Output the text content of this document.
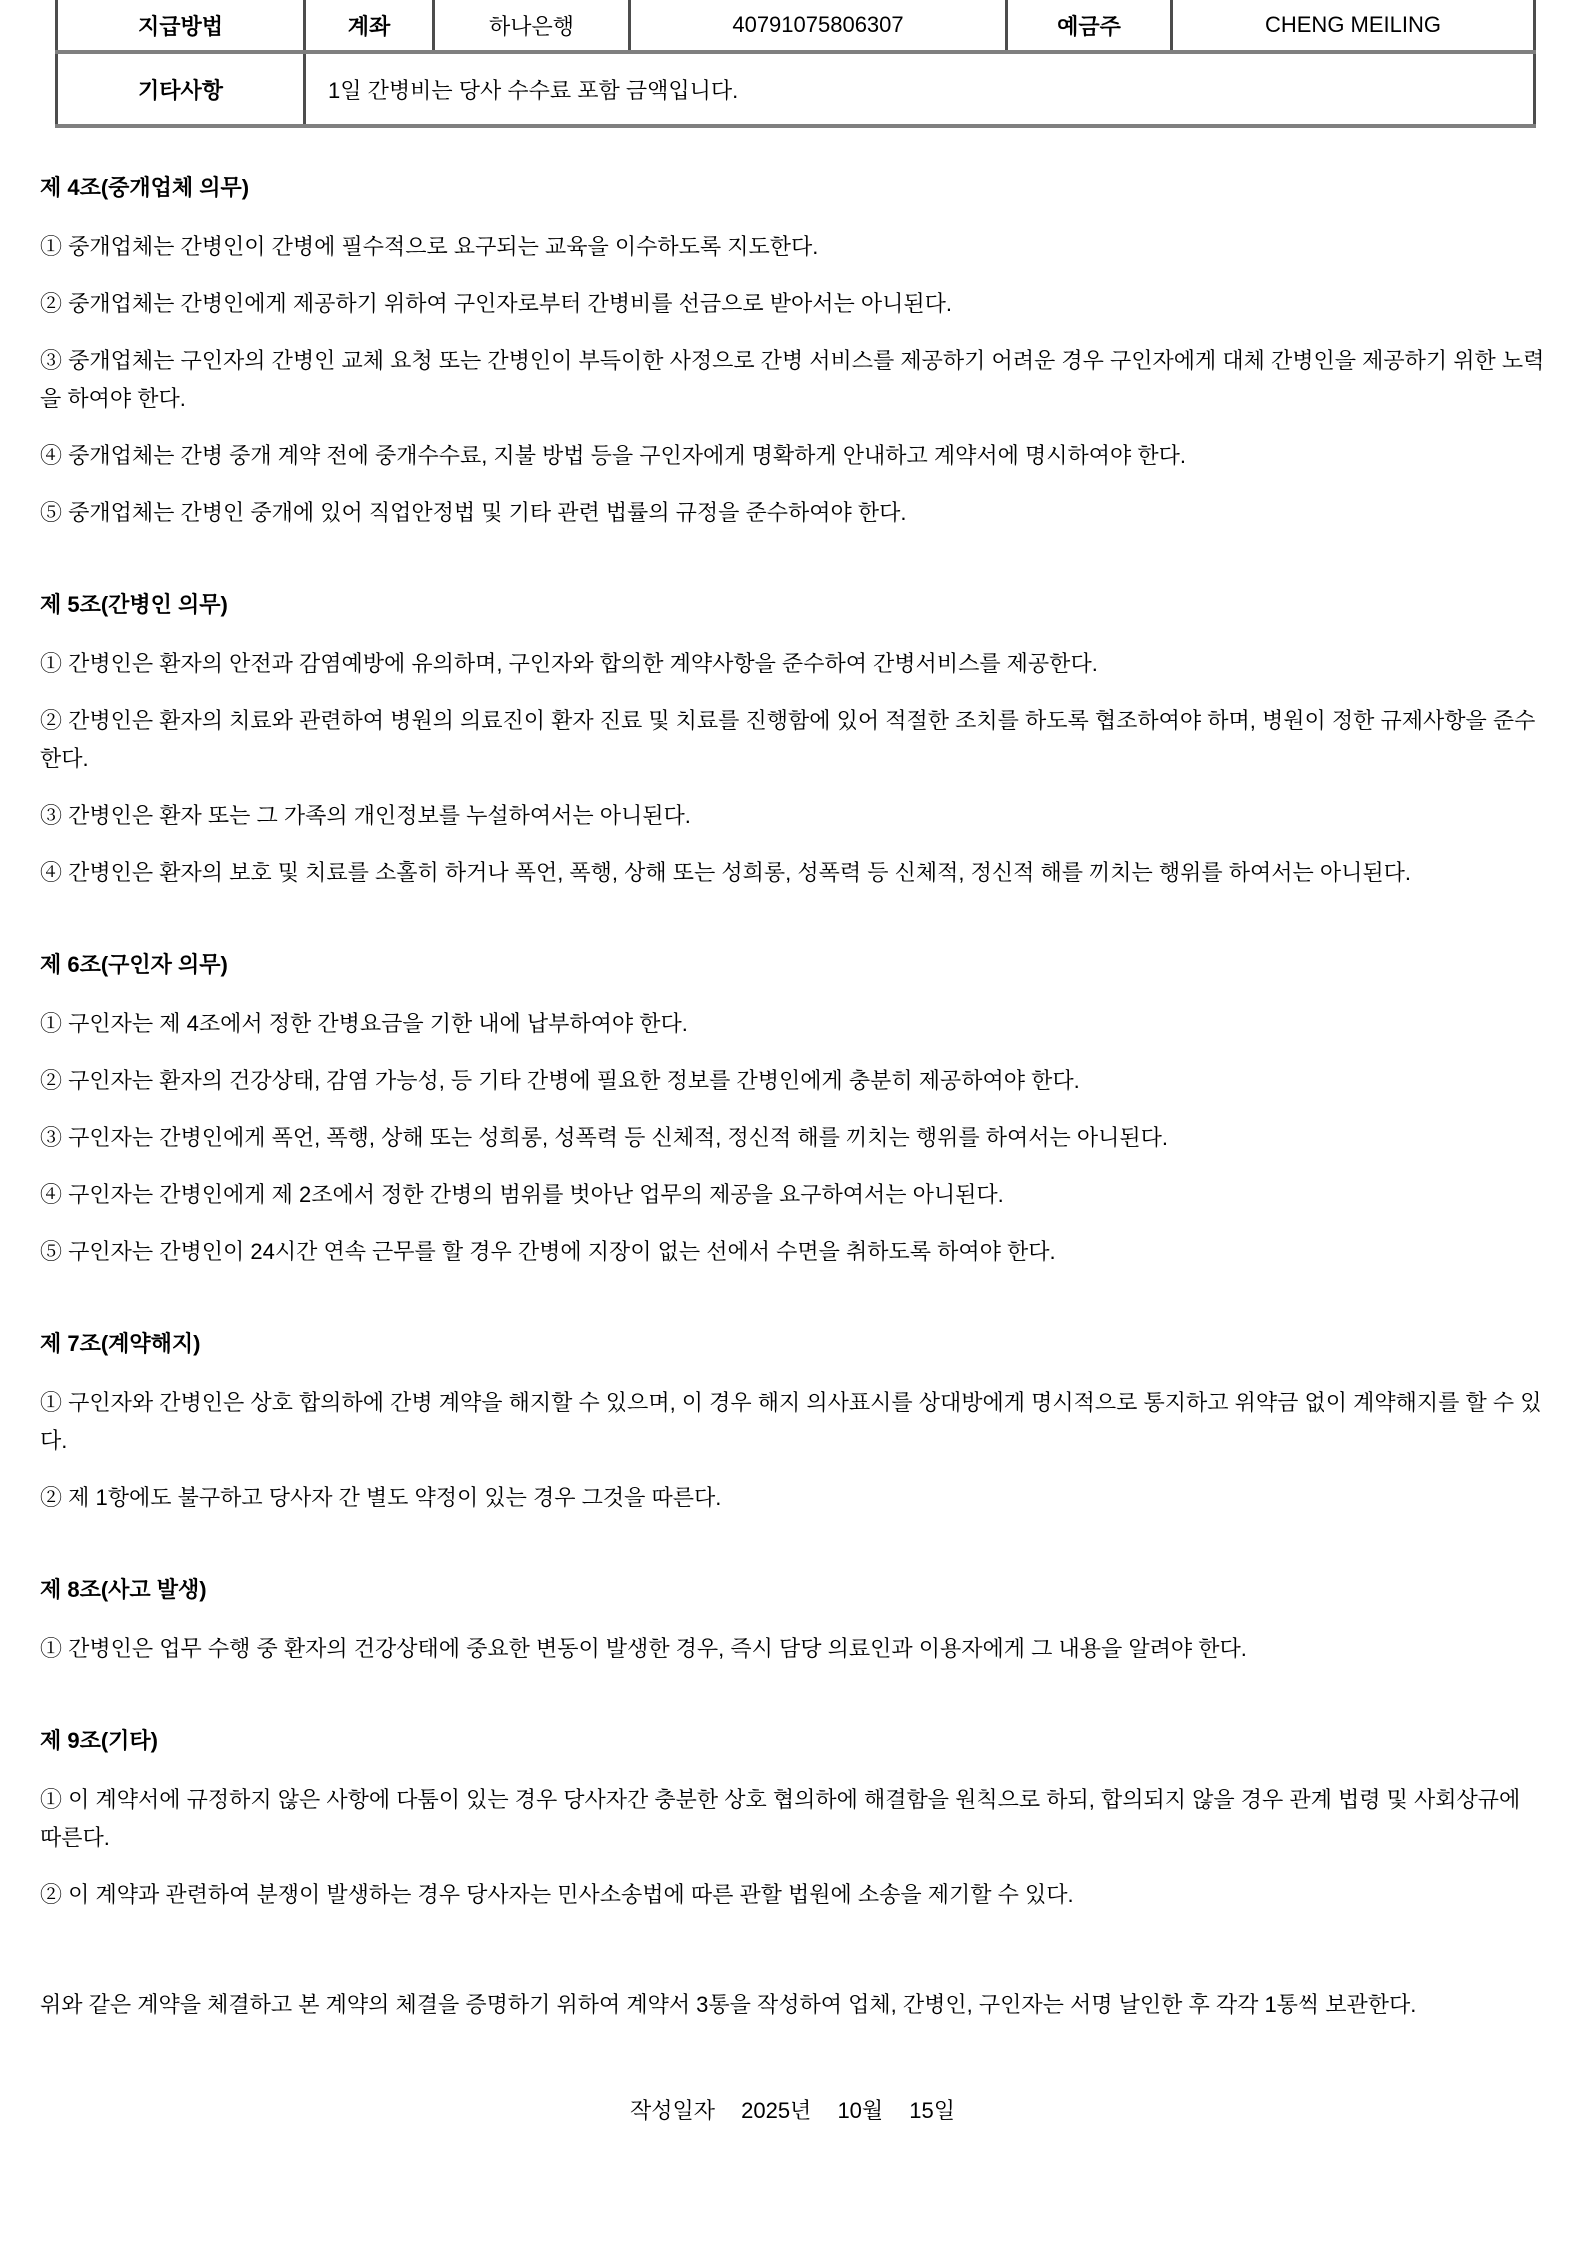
지급방법	계좌	하나은행	40791075806307	예금주	CHENG MEILING
기타사항	1일 간병비는 당사 수수료 포함 금액입니다.				
제 4조(중개업체 의무)

① 중개업체는 간병인이 간병에 필수적으로 요구되는 교육을 이수하도록 지도한다.

② 중개업체는 간병인에게 제공하기 위하여 구인자로부터 간병비를 선금으로 받아서는 아니된다.

③ 중개업체는 구인자의 간병인 교체 요청 또는 간병인이 부득이한 사정으로 간병 서비스를 제공하기 어려운 경우 구인자에게 대체 간병인을 제공하기 위한 노력을 하여야 한다.

④ 중개업체는 간병 중개 계약 전에 중개수수료, 지불 방법 등을 구인자에게 명확하게 안내하고 계약서에 명시하여야 한다.

⑤ 중개업체는 간병인 중개에 있어 직업안정법 및 기타 관련 법률의 규정을 준수하여야 한다.

제 5조(간병인 의무)

① 간병인은 환자의 안전과 감염예방에 유의하며, 구인자와 합의한 계약사항을 준수하여 간병서비스를 제공한다.

② 간병인은 환자의 치료와 관련하여 병원의 의료진이 환자 진료 및 치료를 진행함에 있어 적절한 조치를 하도록 협조하여야 하며, 병원이 정한 규제사항을 준수한다.

③ 간병인은 환자 또는 그 가족의 개인정보를 누설하여서는 아니된다.

④ 간병인은 환자의 보호 및 치료를 소홀히 하거나 폭언, 폭행, 상해 또는 성희롱, 성폭력 등 신체적, 정신적 해를 끼치는 행위를 하여서는 아니된다.

제 6조(구인자 의무)

① 구인자는 제 4조에서 정한 간병요금을 기한 내에 납부하여야 한다.

② 구인자는 환자의 건강상태, 감염 가능성, 등 기타 간병에 필요한 정보를 간병인에게 충분히 제공하여야 한다.

③ 구인자는 간병인에게 폭언, 폭행, 상해 또는 성희롱, 성폭력 등 신체적, 정신적 해를 끼치는 행위를 하여서는 아니된다.

④ 구인자는 간병인에게 제 2조에서 정한 간병의 범위를 벗아난 업무의 제공을 요구하여서는 아니된다.

⑤ 구인자는 간병인이 24시간 연속 근무를 할 경우 간병에 지장이 없는 선에서 수면을 취하도록 하여야 한다.

제 7조(계약해지)

① 구인자와 간병인은 상호 합의하에 간병 계약을 해지할 수 있으며, 이 경우 해지 의사표시를 상대방에게 명시적으로 통지하고 위약금 없이 계약해지를 할 수 있다.

② 제 1항에도 불구하고 당사자 간 별도 약정이 있는 경우 그것을 따른다.

제 8조(사고 발생)

① 간병인은 업무 수행 중 환자의 건강상태에 중요한 변동이 발생한 경우, 즉시 담당 의료인과 이용자에게 그 내용을 알려야 한다.

제 9조(기타)

① 이 계약서에 규정하지 않은 사항에 다툼이 있는 경우 당사자간 충분한 상호 협의하에 해결함을 원칙으로 하되, 합의되지 않을 경우 관계 법령 및 사회상규에 따른다.

② 이 계약과 관련하여 분쟁이 발생하는 경우 당사자는 민사소송법에 따른 관할 법원에 소송을 제기할 수 있다.

위와 같은 계약을 체결하고 본 계약의 체결을 증명하기 위하여 계약서 3통을 작성하여 업체, 간병인, 구인자는 서명 날인한 후 각각 1통씩 보관한다.

작성일자 2025년 10월 15일
